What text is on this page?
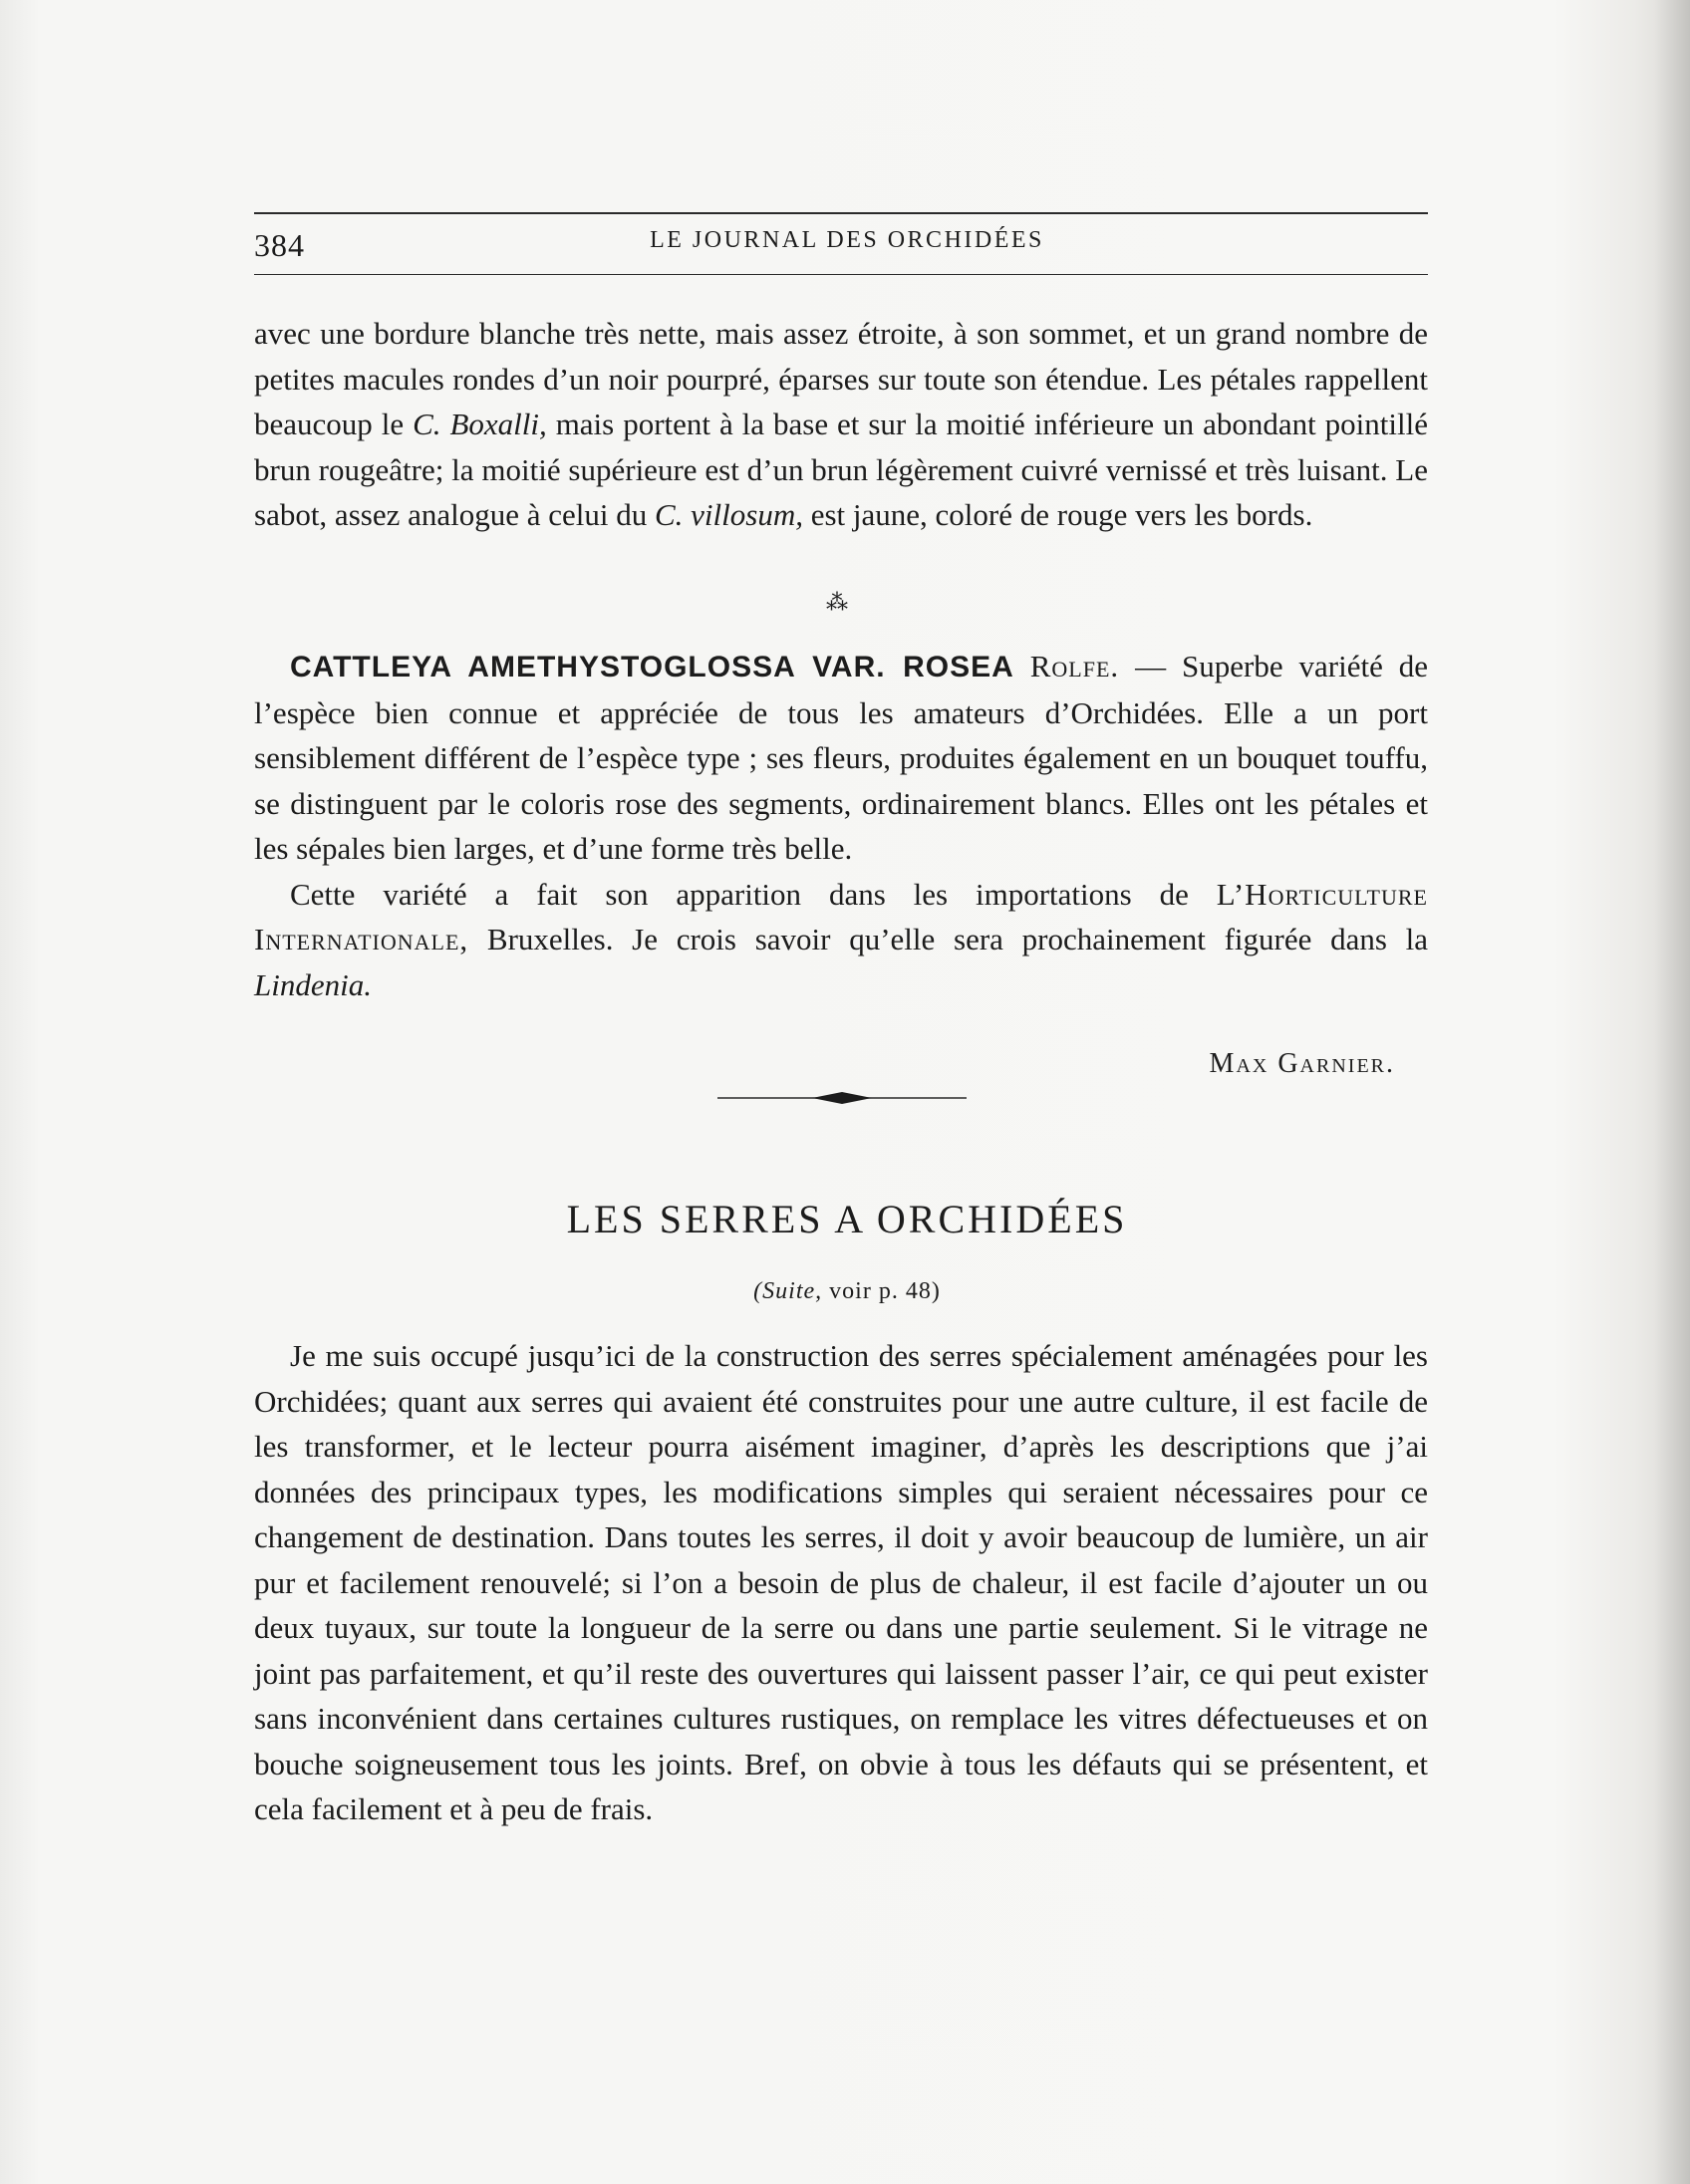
384	LE JOURNAL DES ORCHIDÉES

avec une bordure blanche très nette, mais assez étroite, à son sommet, et un grand nombre de petites macules rondes d’un noir pourpré, éparses sur toute son étendue. Les pétales rappellent beaucoup le C. Boxalli, mais portent à la base et sur la moitié inférieure un abondant pointillé brun rougeâtre; la moitié supérieure est d’un brun légèrement cuivré vernissé et très luisant. Le sabot, assez analogue à celui du C. villosum, est jaune, coloré de rouge vers les bords.

⁂

CATTLEYA AMETHYSTOGLOSSA VAR. ROSEA Rolfe. — Superbe variété de l’espèce bien connue et appréciée de tous les amateurs d’Orchidées. Elle a un port sensiblement différent de l’espèce type ; ses fleurs, produites également en un bouquet touffu, se distinguent par le coloris rose des segments, ordinairement blancs. Elles ont les pétales et les sépales bien larges, et d’une forme très belle.

Cette variété a fait son apparition dans les importations de L’Horticulture Internationale, Bruxelles. Je crois savoir qu’elle sera prochainement figurée dans la Lindenia.

Max Garnier.
LES SERRES A ORCHIDÉES
(Suite, voir p. 48)

Je me suis occupé jusqu’ici de la construction des serres spécialement aménagées pour les Orchidées; quant aux serres qui avaient été construites pour une autre culture, il est facile de les transformer, et le lecteur pourra aisément imaginer, d’après les descriptions que j’ai données des principaux types, les modifications simples qui seraient nécessaires pour ce changement de destination. Dans toutes les serres, il doit y avoir beaucoup de lumière, un air pur et facilement renouvelé; si l’on a besoin de plus de chaleur, il est facile d’ajouter un ou deux tuyaux, sur toute la longueur de la serre ou dans une partie seulement. Si le vitrage ne joint pas parfaitement, et qu’il reste des ouvertures qui laissent passer l’air, ce qui peut exister sans inconvénient dans certaines cultures rustiques, on remplace les vitres défectueuses et on bouche soigneusement tous les joints. Bref, on obvie à tous les défauts qui se présentent, et cela facilement et à peu de frais.
